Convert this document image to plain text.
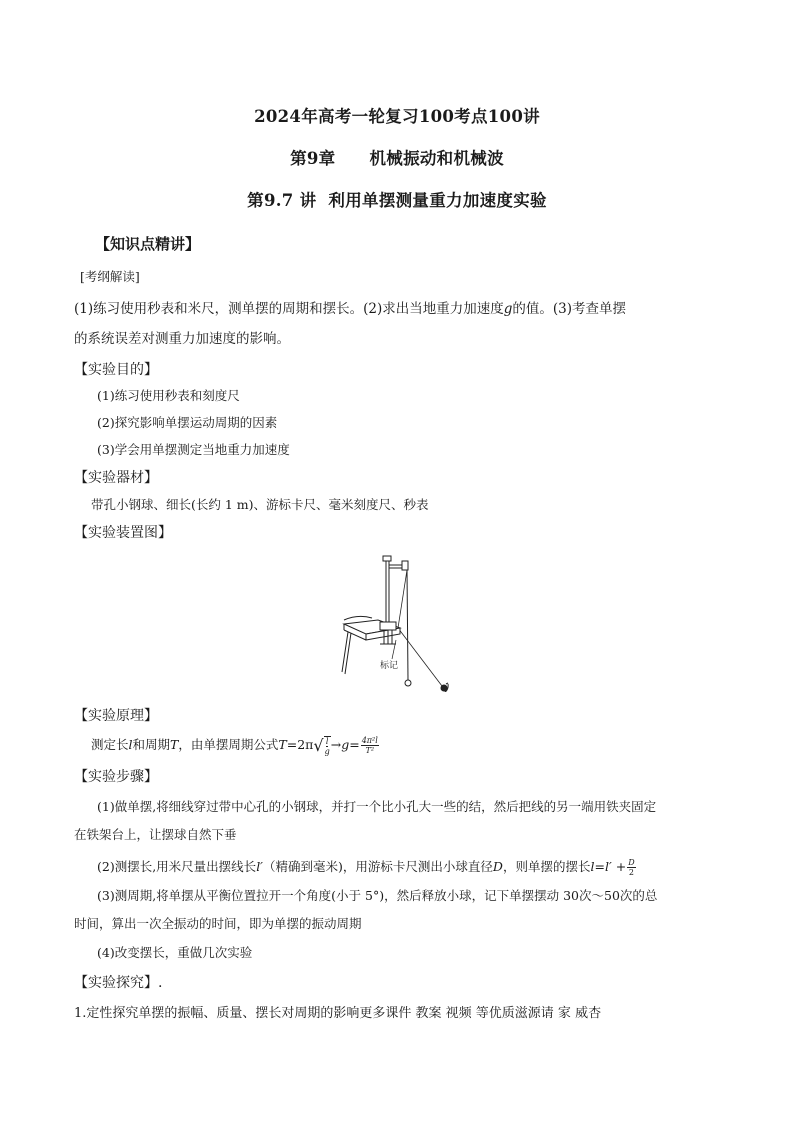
2024年高考一轮复习100考点100讲
第9章 机械振动和机械波
第9.7 讲 利用单摆测量重力加速度实验
【知识点精讲】
[考纲解读]
(1)练习使用秒表和米尺，测单摆的周期和摆长。(2)求出当地重力加速度g的值。(3)考查单摆
的系统误差对测重力加速度的影响。
【实验目的】
(1)练习使用秒表和刻度尺
(2)探究影响单摆运动周期的因素
(3)学会用单摆测定当地重力加速度
【实验器材】
带孔小钢球、细长(长约 1 m)、游标卡尺、毫米刻度尺、秒表
【实验装置图】
标记
【实验原理】
测定长l和周期T，由单摆周期公式T=2π √ l
$g \to g= \frac{\text{4π²l}}{\text{T²}}$
【实验步骤】
(1)做单摆,将细线穿过带中心孔的小钢球，并打一个比小孔大一些的结，然后把线的另一端用铁夹固定
在铁架台上，让摆球自然下垂
(2)测摆长,用米尺量出摆线长l′（精确到毫米)，用游标卡尺测出小球直径D，则单摆的摆长$l=l' + \frac{D}{2}$
(3)测周期,将单摆从平衡位置拉开一个角度(小于 5°)，然后释放小球，记下单摆摆动 30次～50次的总
时间，算出一次全振动的时间，即为单摆的振动周期
(4)改变摆长，重做几次实验
【实验探究】.
1.定性探究单摆的振幅、质量、摆长对周期的影响更多课件 教案 视频 等优质滋源请 家 威杏
